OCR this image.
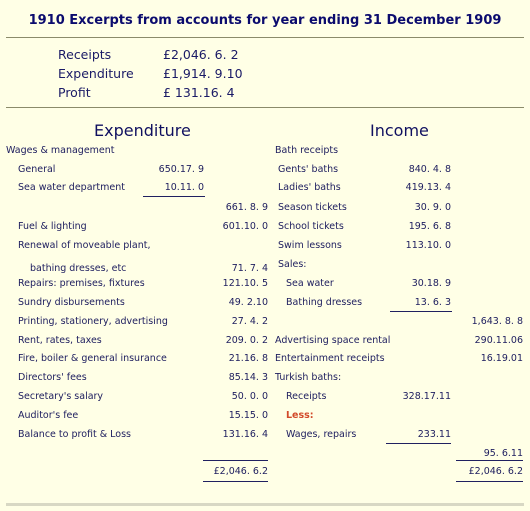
1910 Excerpts from accounts for year ending 31 December 1909
Receipts	£2,046. 6. 2
Expenditure £1,914. 9.10
Profit	£ 131.16. 4
Expenditure	Income
Wages & management
General	650.17. 9
Sea water department	10.11. 0
661. 8. 9
Fuel & lighting	601.10. 0
Renewal of moveable plant,
bathing dresses, etc	71. 7. 4
Repairs: premises, fixtures	121.10. 5
Sundry disbursements	49. 2.10
Printing, stationery, advertising	27. 4. 2
Rent, rates, taxes	209. 0. 2
Fire, boiler & general insurance	21.16. 8
Directors' fees	85.14. 3
Secretary's salary	50. 0. 0
Auditor's fee	15.15. 0
Balance to profit & Loss	131.16. 4
£2,046. 6.2
Bath receipts
Gents' baths	840. 4. 8
Ladies' baths	419.13. 4
Season tickets	30. 9. 0
School tickets	195. 6. 8
Swim lessons	113.10. 0
Sales:
Sea water	30.18. 9
Bathing dresses	13. 6. 3
1,643. 8. 8
Advertising space rental	290.11.06
Entertainment receipts	16.19.01
Turkish baths:
Receipts	328.17.11
Less:
Wages, repairs	233.11
95. 6.11
£2,046. 6.2
